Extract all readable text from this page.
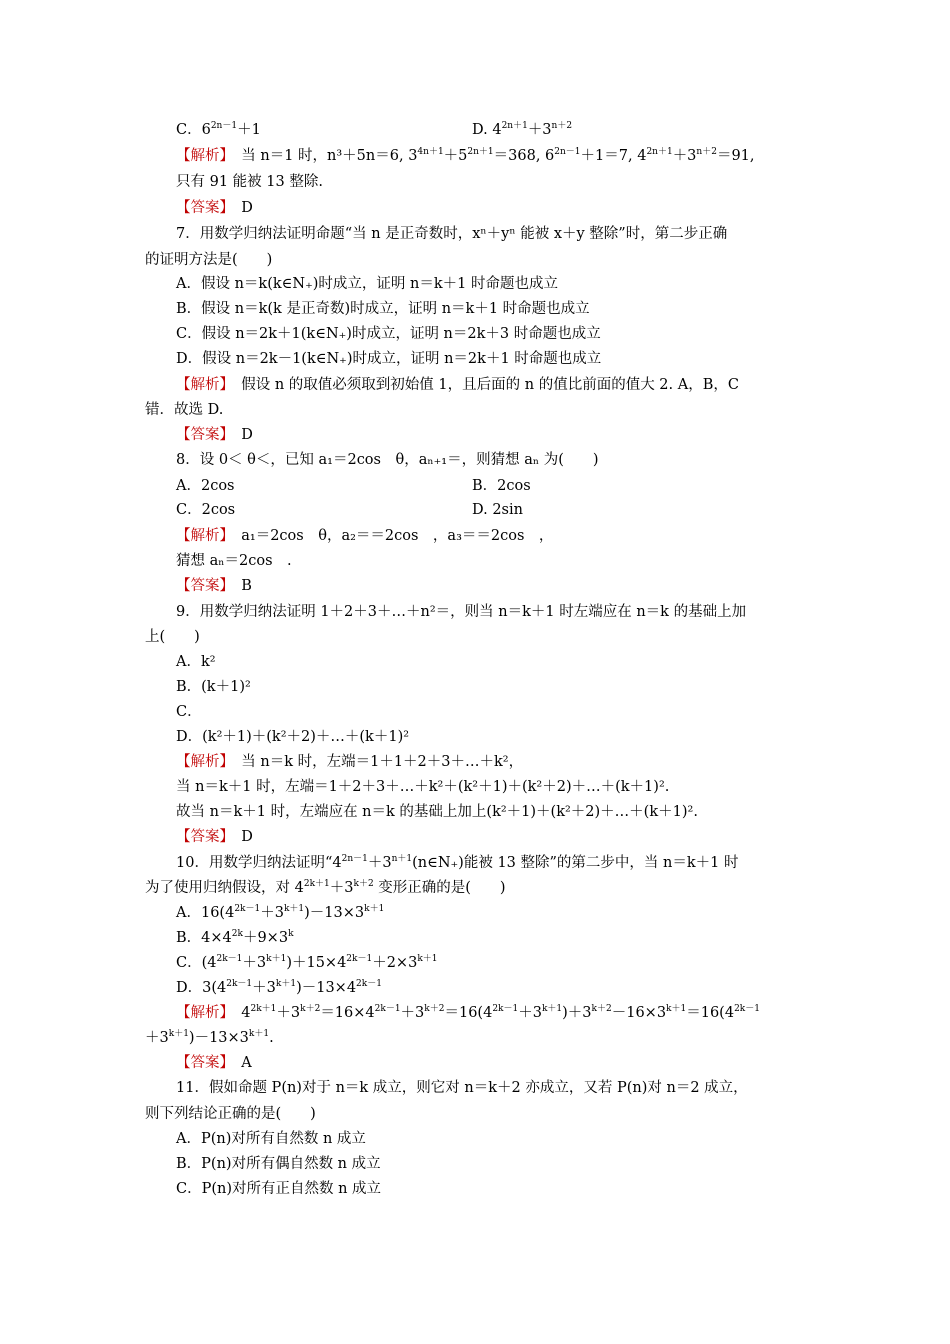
C．$6^{2n-1}+1$	D. $4^{2n+1}+3^{n+2}$
【解析】　当 n＝1 时，n³＋5n＝6, $3^{4n+1}+5^{2n+1}=368$, $6^{2n-1}+1=7$, $4^{2n+1}+3^{n+2}=91$,
只有 91 能被 13 整除.
【答案】　D
7．用数学归纳法证明命题“当 n 是正奇数时，xⁿ＋yⁿ 能被 x＋y 整除”时，第二步正确
的证明方法是(　　)
A．假设 n＝k(k∈N₊)时成立，证明 n＝k＋1 时命题也成立
B．假设 n＝k(k 是正奇数)时成立，证明 n＝k＋1 时命题也成立
C．假设 n＝2k＋1(k∈N₊)时成立，证明 n＝2k＋3 时命题也成立
D．假设 n＝2k－1(k∈N₊)时成立，证明 n＝2k＋1 时命题也成立
【解析】　假设 n 的取值必须取到初始值 1，且后面的 n 的值比前面的值大 2. A，B，C
错．故选 D.
【答案】　D
8．设 0＜ θ＜，已知 a₁＝2cos　θ，aₙ₊₁＝，则猜想 aₙ 为(　　)
A．2cos	B．2cos
C．2cos	D. 2sin
【解析】　a₁＝2cos　θ，a₂＝＝2cos　，a₃＝＝2cos　，
猜想 aₙ＝2cos　.
【答案】　B
9．用数学归纳法证明 1＋2＋3＋…＋n²＝，则当 n＝k＋1 时左端应在 n＝k 的基础上加
上(　　)
A．k²
B．(k＋1)²
C．
D．(k²＋1)＋(k²＋2)＋…＋(k＋1)²
【解析】　当 n＝k 时，左端＝1＋1＋2＋3＋…＋k²，
当 n＝k＋1 时，左端＝1＋2＋3＋…＋k²＋(k²＋1)＋(k²＋2)＋…＋(k＋1)².
故当 n＝k＋1 时，左端应在 n＝k 的基础上加上(k²＋1)＋(k²＋2)＋…＋(k＋1)².
【答案】　D
10．用数学归纳法证明“$4^{2n-1}+3^{n+1}(n\in N_+)$能被 13 整除”的第二步中，当 n＝k＋1 时
为了使用归纳假设，对 $4^{2k+1}+3^{k+2}$ 变形正确的是(　　)
A．$16(4^{2k-1}+3^{k+1})-13\times 3^{k+1}$
B．$4\times 4^{2k}+9\times 3^k$
C．$(4^{2k-1}+3^{k+1})+15\times 4^{2k-1}+2\times 3^{k+1}$
D．$3(4^{2k-1}+3^{k+1})-13\times 4^{2k-1}$
【解析】　$4^{2k+1}+3^{k+2}=16\times 4^{2k-1}+3^{k+2}=16(4^{2k-1}+3^{k+1})+3^{k+2}-16\times 3^{k+1}=16(4^{2k-1}$
$+3^{k+1})-13\times 3^{k+1}$.
【答案】　A
11．假如命题 P(n)对于 n＝k 成立，则它对 n＝k＋2 亦成立，又若 P(n)对 n＝2 成立，
则下列结论正确的是(　　)
A．P(n)对所有自然数 n 成立
B．P(n)对所有偶自然数 n 成立
C．P(n)对所有正自然数 n 成立
